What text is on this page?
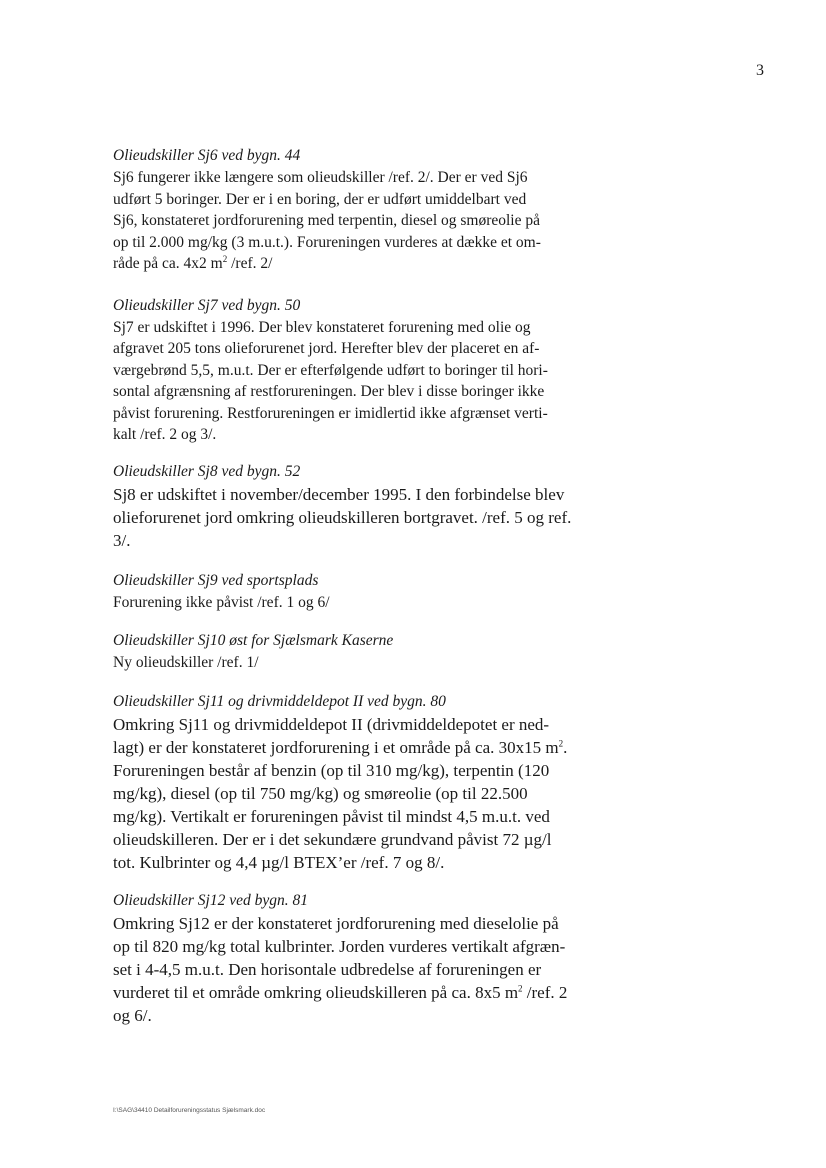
3

Olieudskiller Sj6 ved bygn. 44

Sj6 fungerer ikke længere som olieudskiller /ref. 2/. Der er ved Sj6
udført 5 boringer. Der er i en boring, der er udført umiddelbart ved
Sj6, konstateret jordforurening med terpentin, diesel og smøreolie på
op til 2.000 mg/kg (3 m.u.t.). Forureningen vurderes at dække et om-
råde på ca. 4x2 $m^2$ /ref. 2/

Olieudskiller Sj7 ved bygn. 50

Sj7 er udskiftet i 1996. Der blev konstateret forurening med olie og
afgravet 205 tons olieforurenet jord. Herefter blev der placeret en af-
værgebrønd 5,5, m.u.t. Der er efterfølgende udført to boringer til hori-
sontal afgrænsning af restforureningen. Der blev i disse boringer ikke
påvist forurening. Restforureningen er imidlertid ikke afgrænset verti-
kalt /ref. 2 og 3/.

Olieudskiller Sj8 ved bygn. 52

Sj8 er udskiftet i november/december 1995. I den forbindelse blev
olieforurenet jord omkring olieudskilleren bortgravet. /ref. 5 og ref.
3/.

Olieudskiller Sj9 ved sportsplads

Forurening ikke påvist /ref. 1 og 6/

Olieudskiller Sj10 øst for Sjælsmark Kaserne

Ny olieudskiller /ref. 1/

Olieudskiller Sj11 og drivmiddeldepot II ved bygn. 80

Omkring Sj11 og drivmiddeldepot II (drivmiddeldepotet er ned-
lagt) er der konstateret jordforurening i et område på ca. 30x15 $m^2$.
Forureningen består af benzin (op til 310 mg/kg), terpentin (120
mg/kg), diesel (op til 750 mg/kg) og smøreolie (op til 22.500
mg/kg). Vertikalt er forureningen påvist til mindst 4,5 m.u.t. ved
olieudskilleren. Der er i det sekundære grundvand påvist 72 µg/l
tot. Kulbrinter og 4,4 µg/l BTEX’er /ref. 7 og 8/.

Olieudskiller Sj12 ved bygn. 81

Omkring Sj12 er der konstateret jordforurening med dieselolie på
op til 820 mg/kg total kulbrinter. Jorden vurderes vertikalt afgræn-
set i 4-4,5 m.u.t. Den horisontale udbredelse af forureningen er
vurderet til et område omkring olieudskilleren på ca. 8x5 $m^2$ /ref. 2
og 6/.

I:\SAG\34410 Detailforureningsstatus Sjælsmark.doc
